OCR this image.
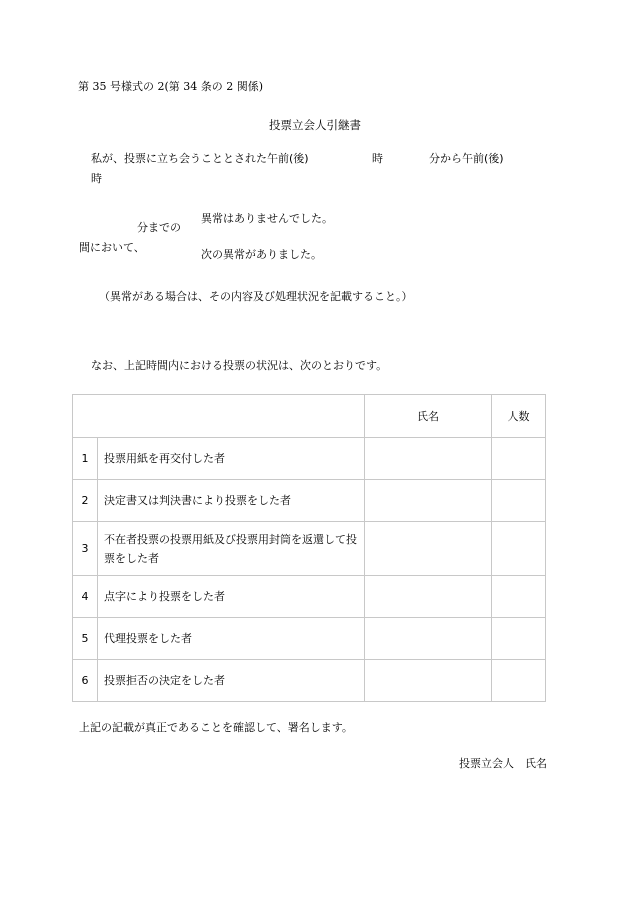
第 35 号様式の 2(第 34 条の 2 関係)
投票立会人引継書
私が、投票に立ち会うこととされた午前(後)	時	分から午前(後)
時
分までの
異常はありませんでした。
間において、
次の異常がありました。
（異常がある場合は、その内容及び処理状況を記載すること。）
なお、上記時間内における投票の状況は、次のとおりです。
		氏名	人数
1	投票用紙を再交付した者		
2	決定書又は判決書により投票をした者		
3	不在者投票の投票用紙及び投票用封筒を返還して投票をした者		

4	点字により投票をした者		
5	代理投票をした者		
6	投票拒否の決定をした者		
上記の記載が真正であることを確認して、署名します。
投票立会人　氏名
